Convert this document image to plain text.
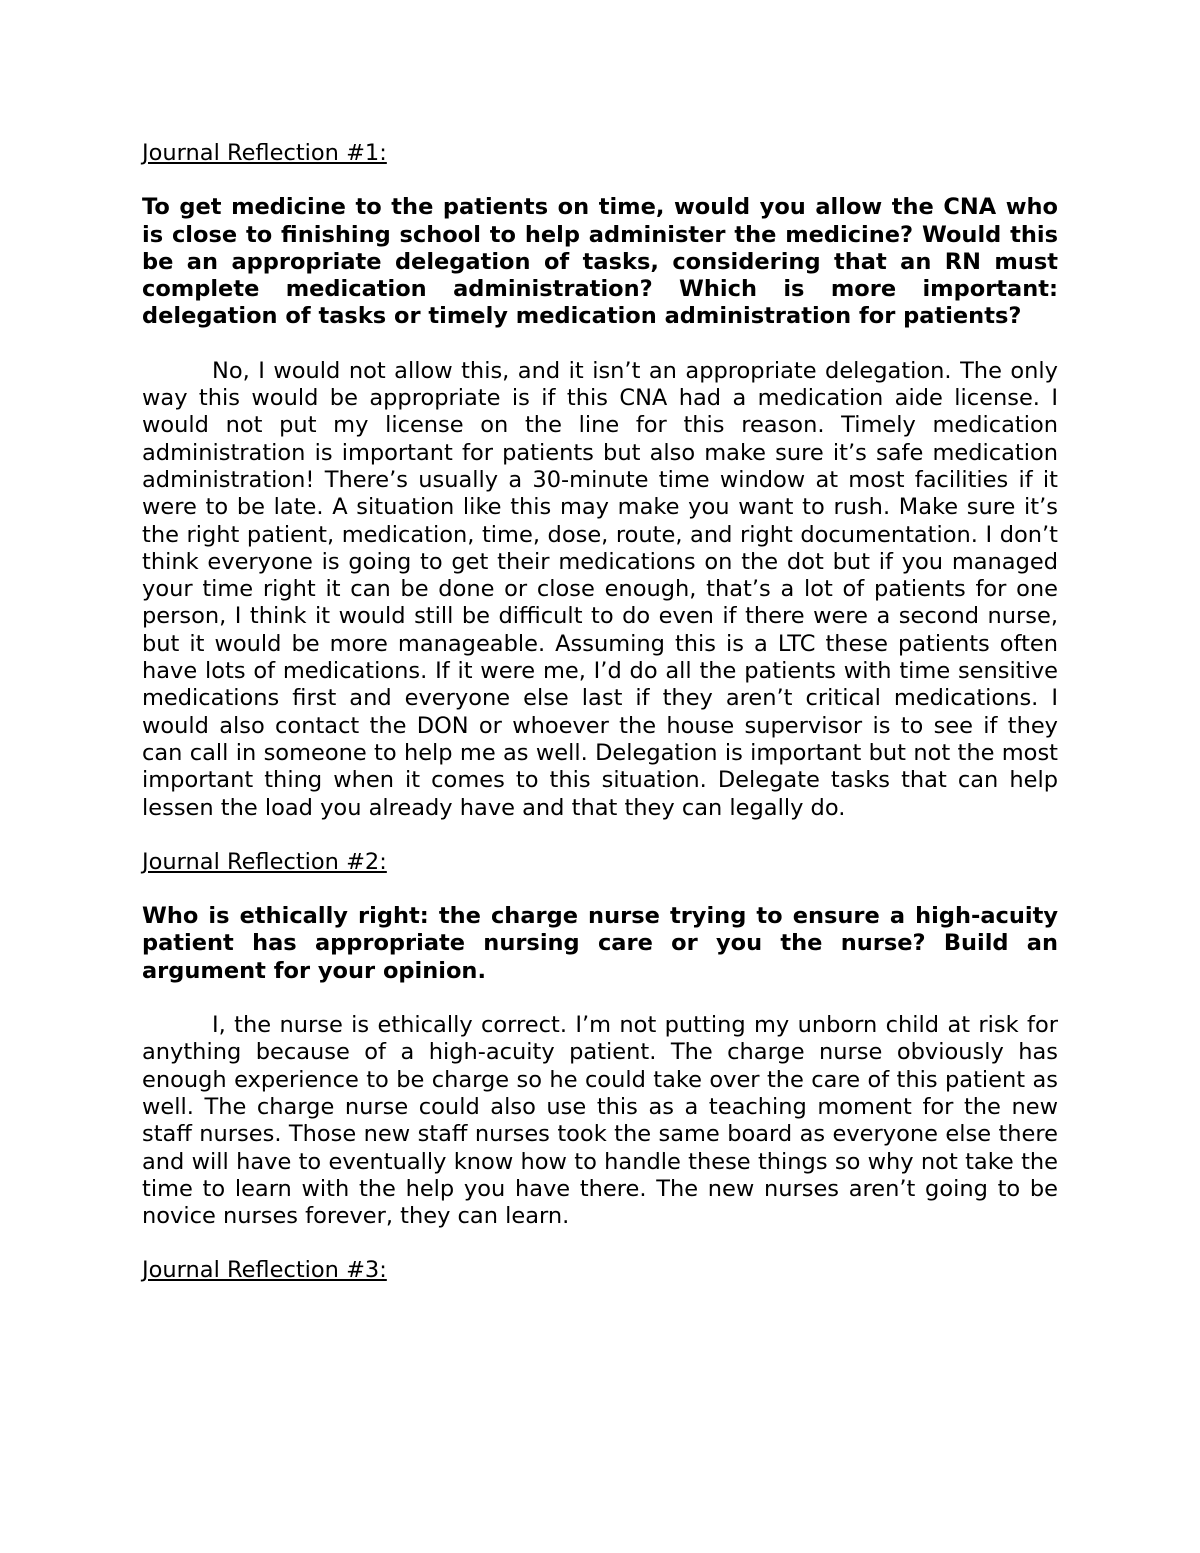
Journal Reflection #1:
To get medicine to the patients on time, would you allow the CNA who is close to finishing school to help administer the medicine? Would this be an appropriate delegation of tasks, considering that an RN must complete medication administration? Which is more important: delegation of tasks or timely medication administration for patients?
No, I would not allow this, and it isn’t an appropriate delegation. The only way this would be appropriate is if this CNA had a medication aide license. I would not put my license on the line for this reason. Timely medication administration is important for patients but also make sure it’s safe medication administration! There’s usually a 30-minute time window at most facilities if it were to be late. A situation like this may make you want to rush. Make sure it’s the right patient, medication, time, dose, route, and right documentation. I don’t think everyone is going to get their medications on the dot but if you managed your time right it can be done or close enough, that’s a lot of patients for one person, I think it would still be difficult to do even if there were a second nurse, but it would be more manageable. Assuming this is a LTC these patients often have lots of medications. If it were me, I’d do all the patients with time sensitive medications first and everyone else last if they aren’t critical medications. I would also contact the DON or whoever the house supervisor is to see if they can call in someone to help me as well. Delegation is important but not the most important thing when it comes to this situation. Delegate tasks that can help lessen the load you already have and that they can legally do.
Journal Reflection #2:
Who is ethically right: the charge nurse trying to ensure a high-acuity patient has appropriate nursing care or you the nurse? Build an argument for your opinion.
I, the nurse is ethically correct. I’m not putting my unborn child at risk for anything because of a high-acuity patient. The charge nurse obviously has enough experience to be charge so he could take over the care of this patient as well. The charge nurse could also use this as a teaching moment for the new staff nurses. Those new staff nurses took the same board as everyone else there and will have to eventually know how to handle these things so why not take the time to learn with the help you have there. The new nurses aren’t going to be novice nurses forever, they can learn.
Journal Reflection #3:
